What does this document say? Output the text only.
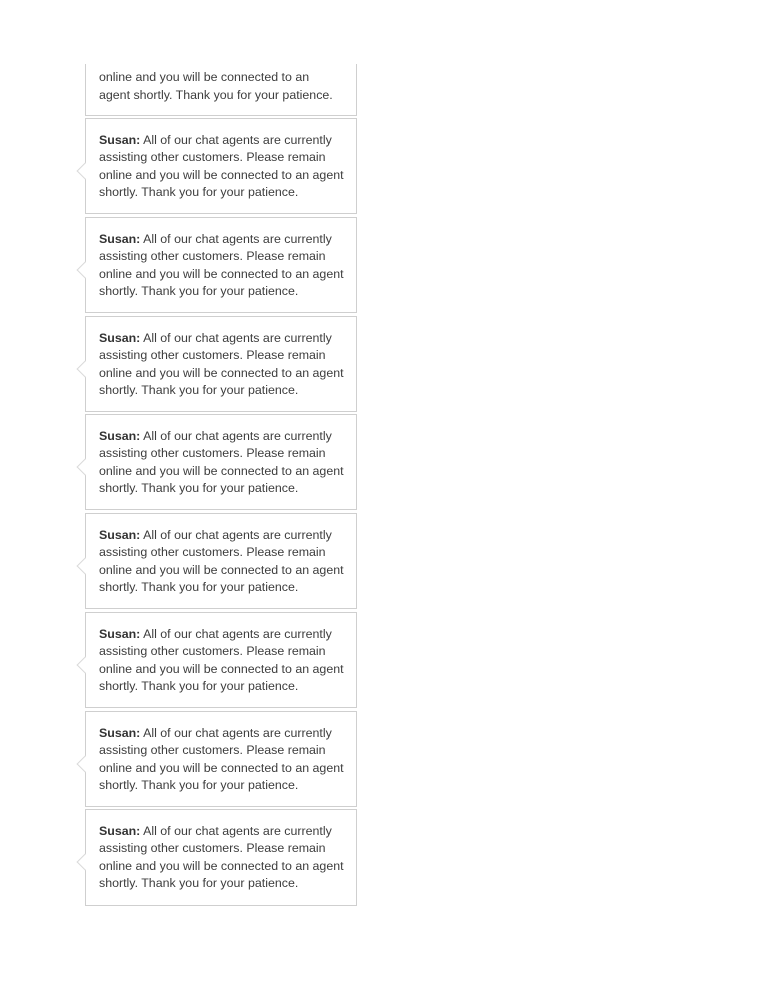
online and you will be connected to an
agent shortly. Thank you for your patience.
Susan: All of our chat agents are currently assisting other customers. Please remain online and you will be connected to an agent shortly. Thank you for your patience.
Susan: All of our chat agents are currently assisting other customers. Please remain online and you will be connected to an agent shortly. Thank you for your patience.
Susan: All of our chat agents are currently assisting other customers. Please remain online and you will be connected to an agent shortly. Thank you for your patience.
Susan: All of our chat agents are currently assisting other customers. Please remain online and you will be connected to an agent shortly. Thank you for your patience.
Susan: All of our chat agents are currently assisting other customers. Please remain online and you will be connected to an agent shortly. Thank you for your patience.
Susan: All of our chat agents are currently assisting other customers. Please remain online and you will be connected to an agent shortly. Thank you for your patience.
Susan: All of our chat agents are currently assisting other customers. Please remain online and you will be connected to an agent shortly. Thank you for your patience.
Susan: All of our chat agents are currently assisting other customers. Please remain online and you will be connected to an agent shortly. Thank you for your patience.
